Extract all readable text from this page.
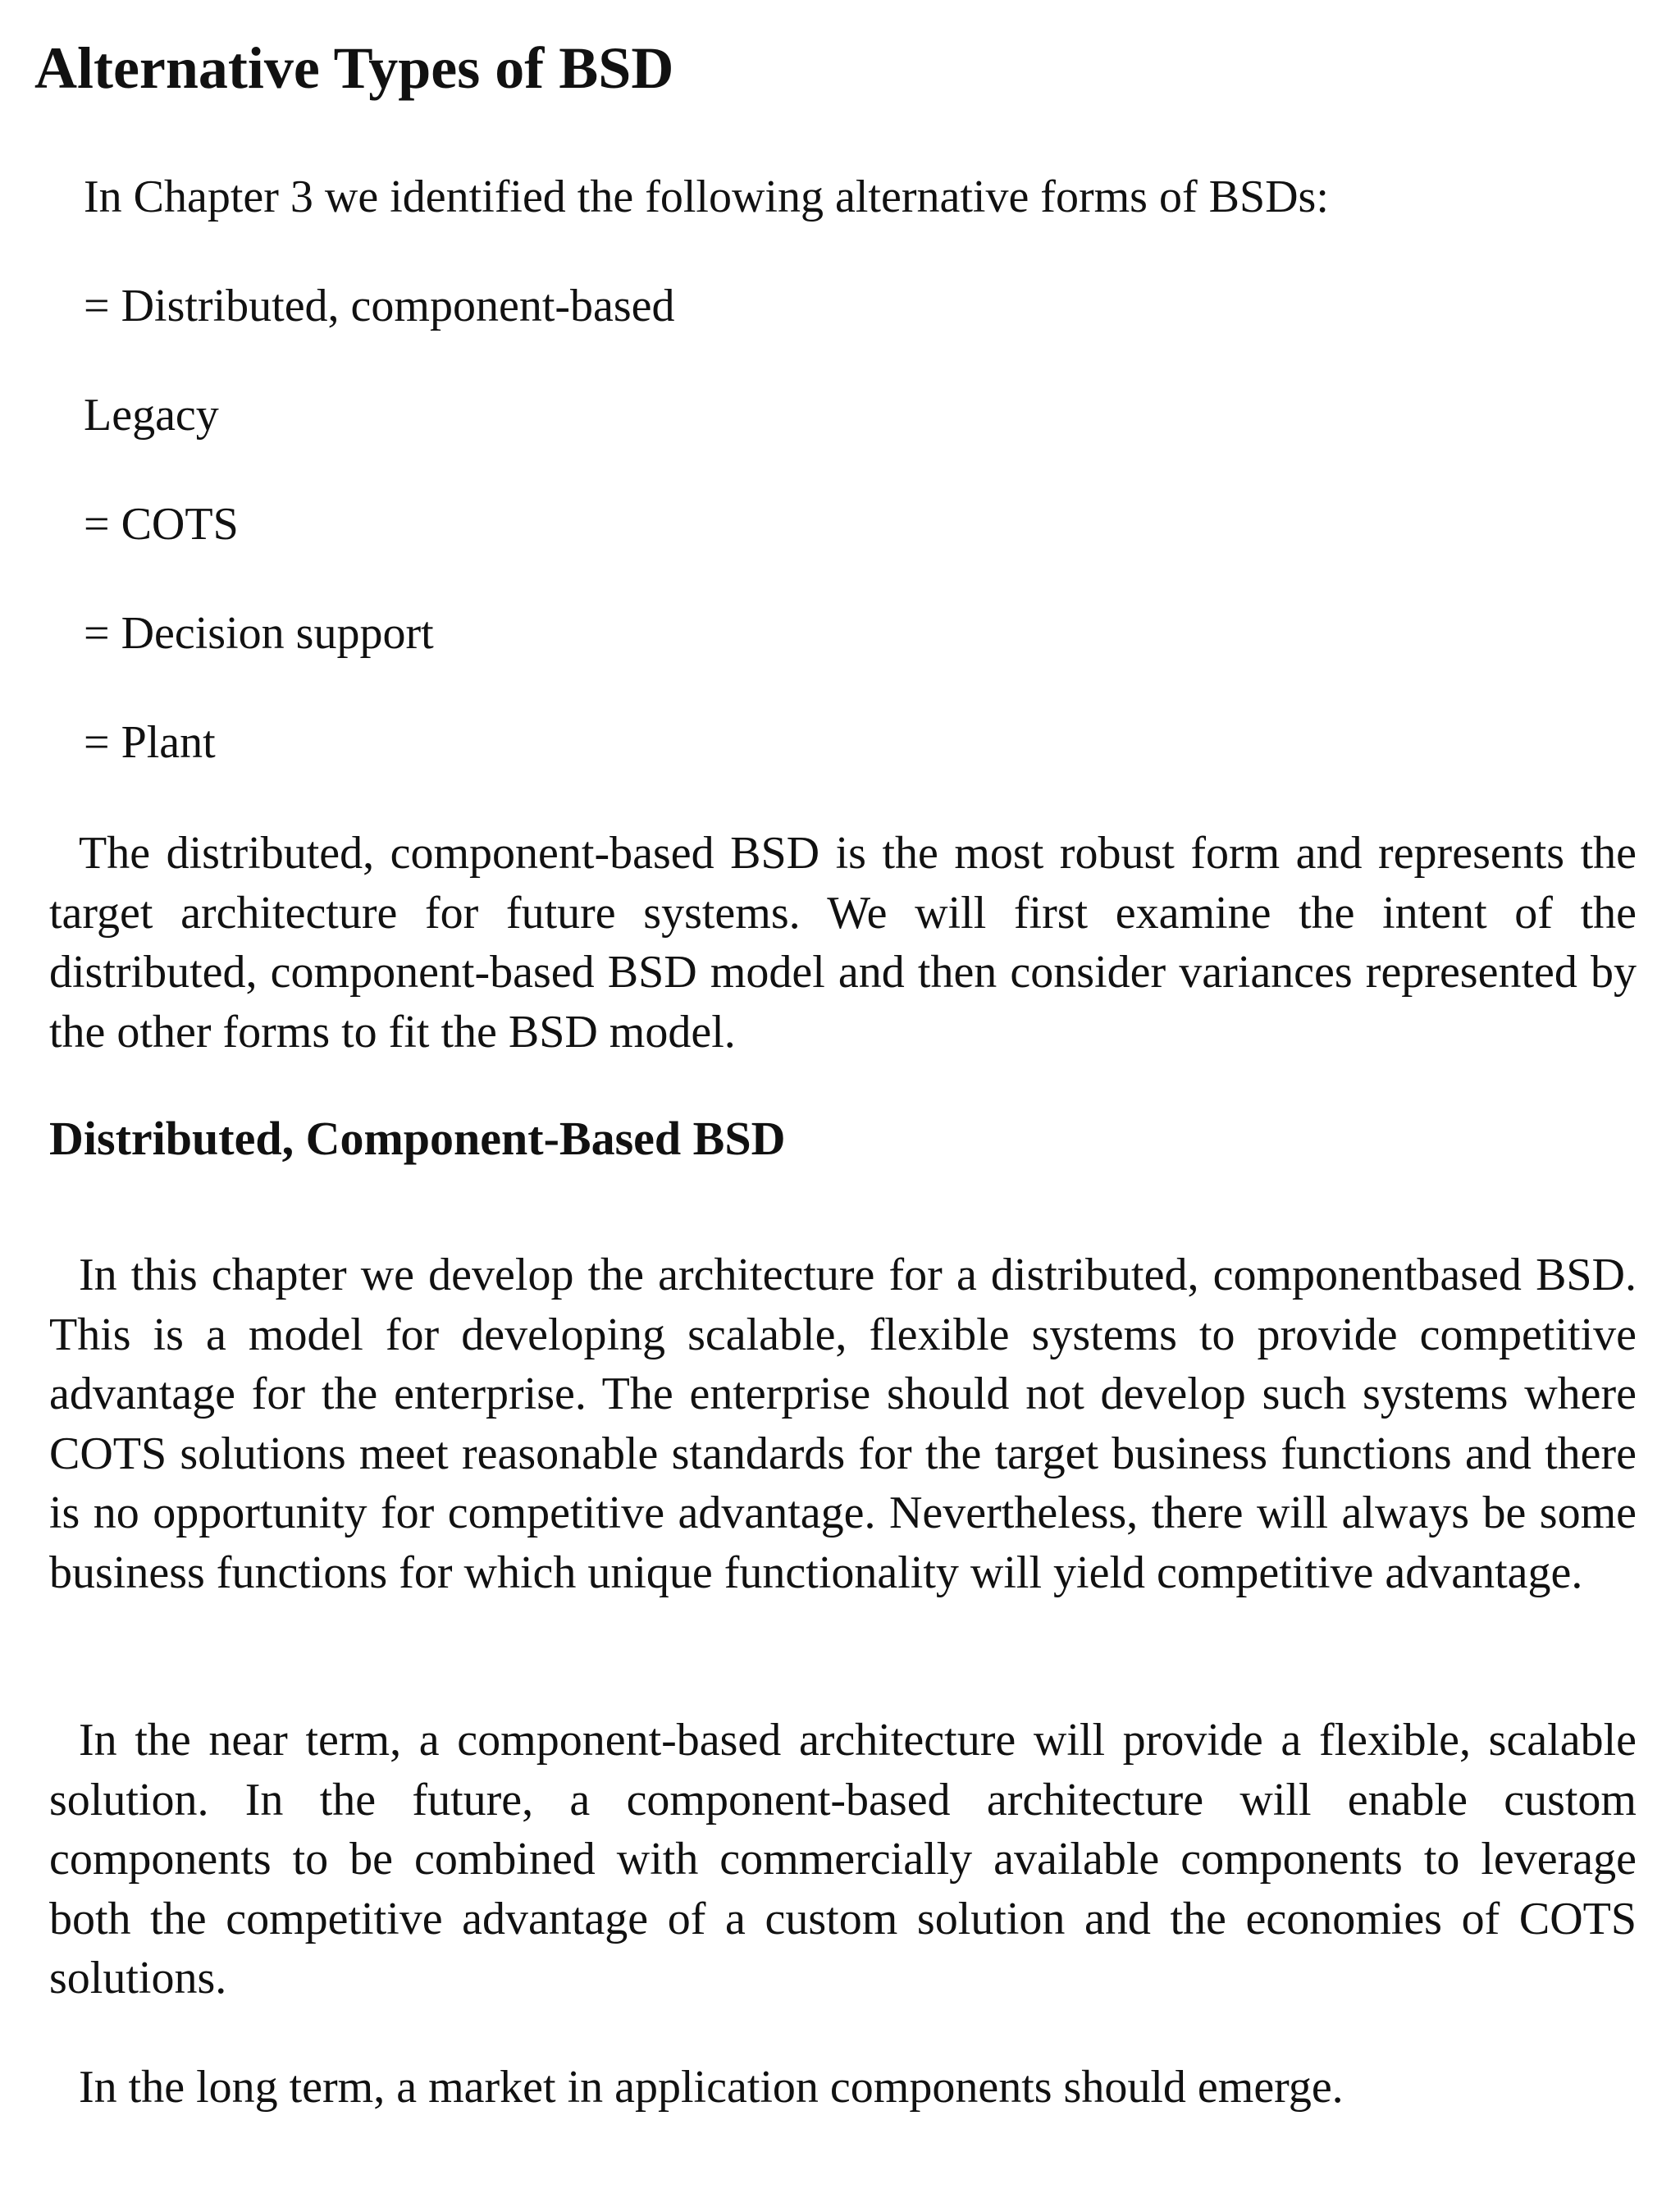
Alternative Types of BSD

In Chapter 3 we identified the following alternative forms of BSDs:

= Distributed, component-based

Legacy

= COTS

= Decision support

= Plant

The distributed, component-based BSD is the most robust form and represents the target architecture for future systems. We will first examine the intent of the distributed, component-based BSD model and then consider variances represented by the other forms to fit the BSD model.

Distributed, Component-Based BSD

In this chapter we develop the architecture for a distributed, componentbased BSD. This is a model for developing scalable, flexible systems to provide competitive advantage for the enterprise. The enterprise should not develop such systems where COTS solutions meet reasonable standards for the target business functions and there is no opportunity for competitive advantage. Nevertheless, there will always be some business functions for which unique functionality will yield competitive advantage.

In the near term, a component-based architecture will provide a flexible, scalable solution. In the future, a component-based architecture will enable custom components to be combined with commercially available components to leverage both the competitive advantage of a custom solution and the economies of COTS solutions.

In the long term, a market in application components should emerge.
